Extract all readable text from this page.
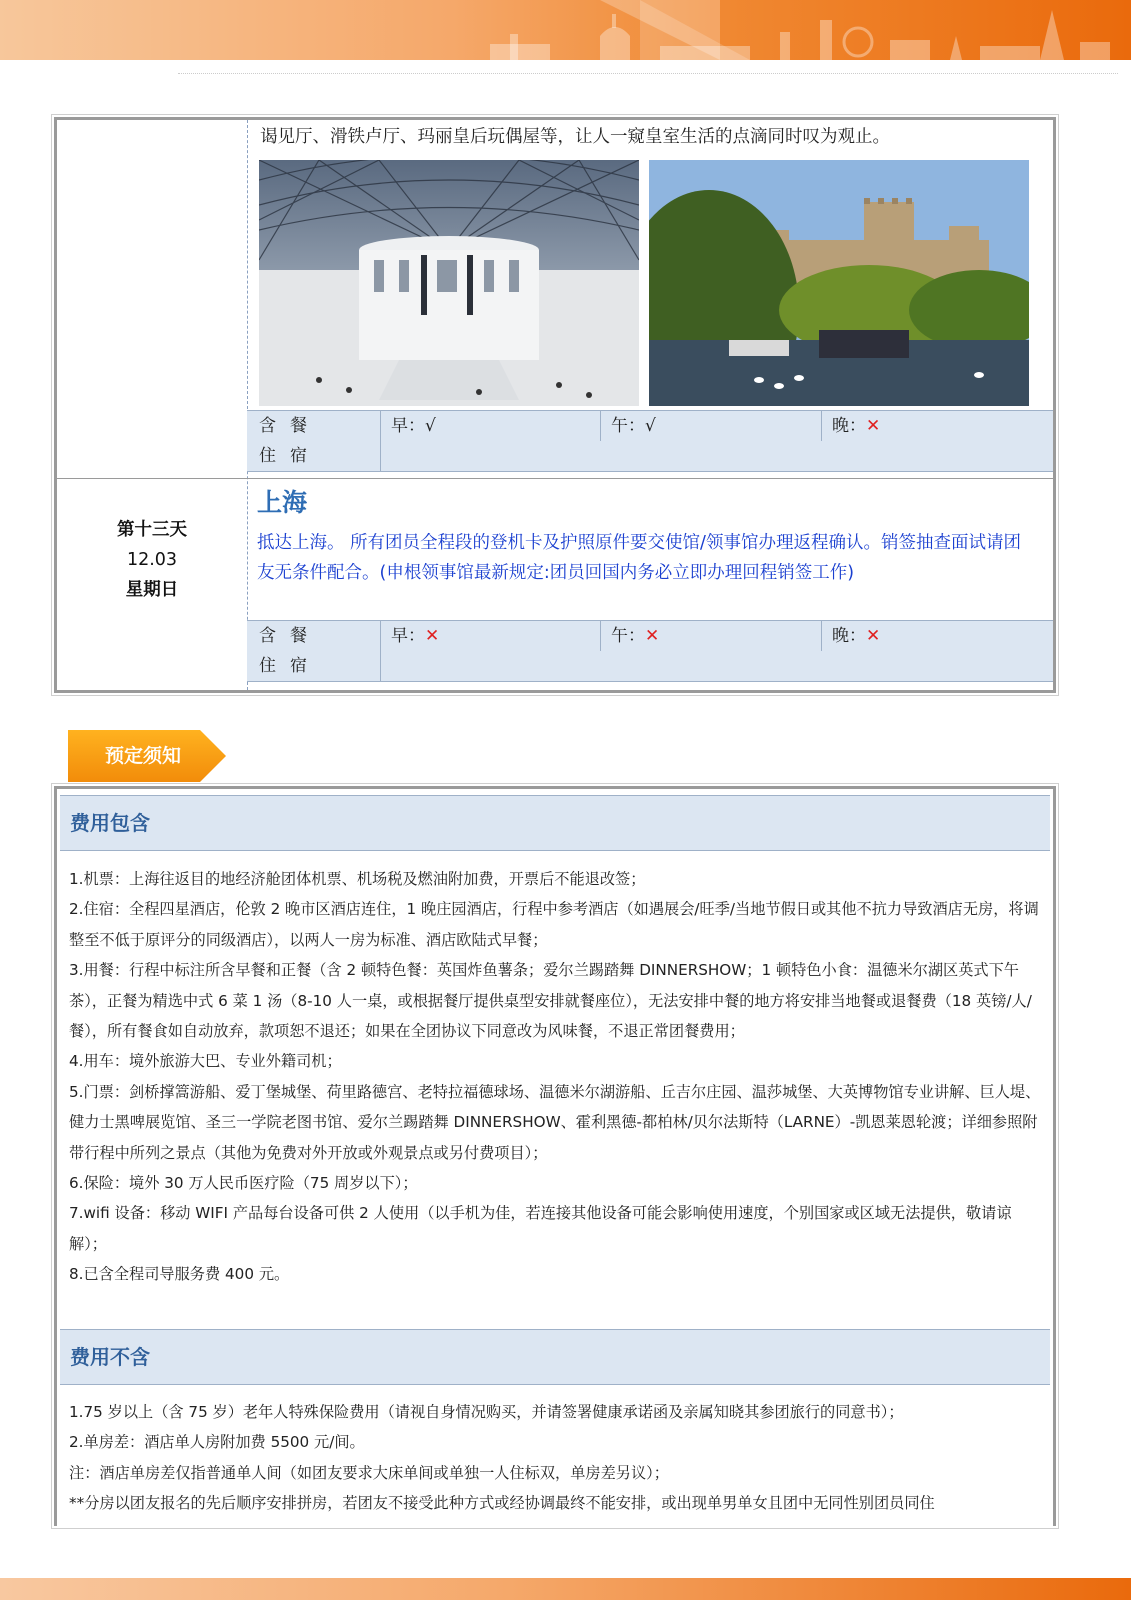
谒见厅、滑铁卢厅、玛丽皇后玩偶屋等，让人一窥皇室生活的点滴同时叹为观止。
含餐	早：√	午：√	晚：✕
住宿
第十三天
12.03
星期日
上海
抵达上海。 所有团员全程段的登机卡及护照原件要交使馆/领事馆办理返程确认。销签抽查面试请团友无条件配合。(申根领事馆最新规定:团员回国内务必立即办理回程销签工作)
含餐	早：✕	午：✕	晚：✕
住宿
预定须知
费用包含

1.机票：上海往返目的地经济舱团体机票、机场税及燃油附加费，开票后不能退改签；

2.住宿：全程四星酒店，伦敦 2 晚市区酒店连住，1 晚庄园酒店，行程中参考酒店（如遇展会/旺季/当地节假日或其他不抗力导致酒店无房，将调整至不低于原评分的同级酒店），以两人一房为标准、酒店欧陆式早餐；

3.用餐：行程中标注所含早餐和正餐（含 2 顿特色餐：英国炸鱼薯条；爱尔兰踢踏舞 DINNERSHOW；1 顿特色小食：温德米尔湖区英式下午茶），正餐为精选中式 6 菜 1 汤（8-10 人一桌，或根据餐厅提供桌型安排就餐座位），无法安排中餐的地方将安排当地餐或退餐费（18 英镑/人/餐），所有餐食如自动放弃，款项恕不退还；如果在全团协议下同意改为风味餐，不退正常团餐费用；

4.用车：境外旅游大巴、专业外籍司机；

5.门票：剑桥撑篙游船、爱丁堡城堡、荷里路德宫、老特拉福德球场、温德米尔湖游船、丘吉尔庄园、温莎城堡、大英博物馆专业讲解、巨人堤、健力士黑啤展览馆、圣三一学院老图书馆、爱尔兰踢踏舞 DINNERSHOW、霍利黑德-都柏林/贝尔法斯特（LARNE）-凯恩莱恩轮渡；详细参照附带行程中所列之景点（其他为免费对外开放或外观景点或另付费项目）；

6.保险：境外 30 万人民币医疗险（75 周岁以下）；

7.wifi 设备：移动 WIFI 产品每台设备可供 2 人使用（以手机为佳，若连接其他设备可能会影响使用速度，个别国家或区域无法提供，敬请谅解）；

8.已含全程司导服务费 400 元。

费用不含

1.75 岁以上（含 75 岁）老年人特殊保险费用（请视自身情况购买，并请签署健康承诺函及亲属知晓其参团旅行的同意书）；

2.单房差：酒店单人房附加费 5500 元/间。

注：酒店单房差仅指普通单人间（如团友要求大床单间或单独一人住标双，单房差另议）；

**分房以团友报名的先后顺序安排拼房，若团友不接受此种方式或经协调最终不能安排，或出现单男单女且团中无同性别团员同住
